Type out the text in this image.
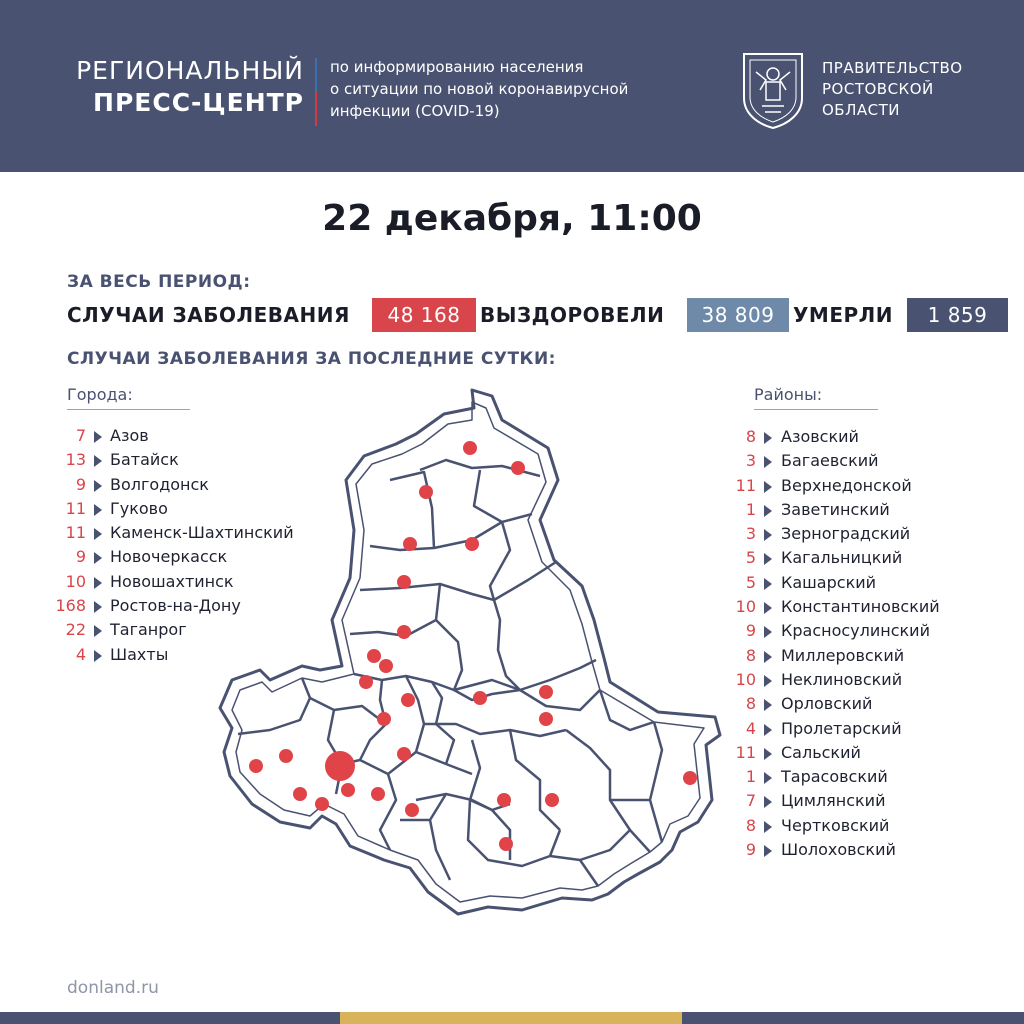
РЕГИОНАЛЬНЫЙ
ПРЕСС-ЦЕНТР
по информированию населения
о ситуации по новой коронавирусной
инфекции (COVID-19)
ПРАВИТЕЛЬСТВО
РОСТОВСКОЙ
ОБЛАСТИ
22 декабря, 11:00
ЗА ВЕСЬ ПЕРИОД:
СЛУЧАИ ЗАБОЛЕВАНИЯ	48 168 ВЫЗДОРОВЕЛИ	38 809 УМЕРЛИ	1 859
СЛУЧАИ ЗАБОЛЕВАНИЯ ЗА ПОСЛЕДНИЕ СУТКИ:
Города:
7 Азов
13 Батайск
9 Волгодонск
11 Гуково
11 Каменск-Шахтинский
9 Новочеркасск
10 Новошахтинск
168 Ростов-на-Дону
22 Таганрог
4 Шахты
Районы:
8 Азовский
3 Багаевский
11 Верхнедонской
1 Заветинский
3 Зерноградский
5 Кагальницкий
5 Кашарский
10 Константиновский
9 Красносулинский
8 Миллеровский
10 Неклиновский
8 Орловский
4 Пролетарский
11 Сальский
1 Тарасовский
7 Цимлянский
8 Чертковский
9 Шолоховский
donland.ru
